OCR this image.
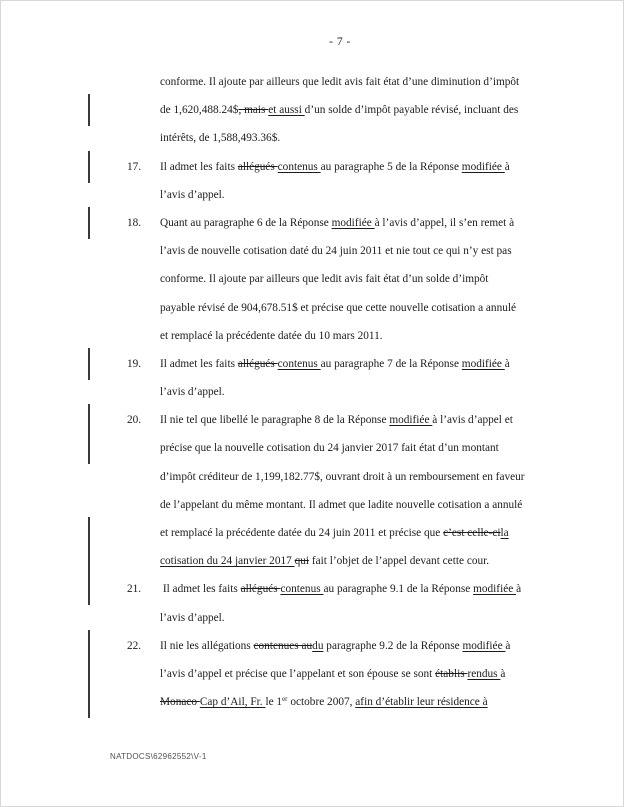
- 7 -
conforme. Il ajoute par ailleurs que ledit avis fait état d’une diminution d’impôt
de 1,620,488.24$, mais et aussi d’un solde d’impôt payable révisé, incluant des
intérêts, de 1,588,493.36$.
17. Il admet les faits allégués contenus au paragraphe 5 de la Réponse modifiée à
l’avis d’appel.
18. Quant au paragraphe 6 de la Réponse modifiée à l’avis d’appel, il s’en remet à
l’avis de nouvelle cotisation daté du 24 juin 2011 et nie tout ce qui n’y est pas
conforme. Il ajoute par ailleurs que ledit avis fait état d’un solde d’impôt
payable révisé de 904,678.51$ et précise que cette nouvelle cotisation a annulé
et remplacé la précédente datée du 10 mars 2011.
19. Il admet les faits allégués contenus au paragraphe 7 de la Réponse modifiée à
l’avis d’appel.
20. Il nie tel que libellé le paragraphe 8 de la Réponse modifiée à l’avis d’appel et
précise que la nouvelle cotisation du 24 janvier 2017 fait état d’un montant
d’impôt créditeur de 1,199,182.77$, ouvrant droit à un remboursement en faveur
de l’appelant du même montant. Il admet que ladite nouvelle cotisation a annulé
et remplacé la précédente datée du 24 juin 2011 et précise que c’est celle-cila
cotisation du 24 janvier 2017 qui fait l’objet de l’appel devant cette cour.
21. Il admet les faits allégués contenus au paragraphe 9.1 de la Réponse modifiée à
l’avis d’appel.
22. Il nie les allégations contenues audu paragraphe 9.2 de la Réponse modifiée à
l’avis d’appel et précise que l’appelant et son épouse se sont établis rendus à
Monaco Cap d’Ail, Fr. le 1er octobre 2007, afin d’établir leur résidence à
NATDOCS\62962552\V-1
